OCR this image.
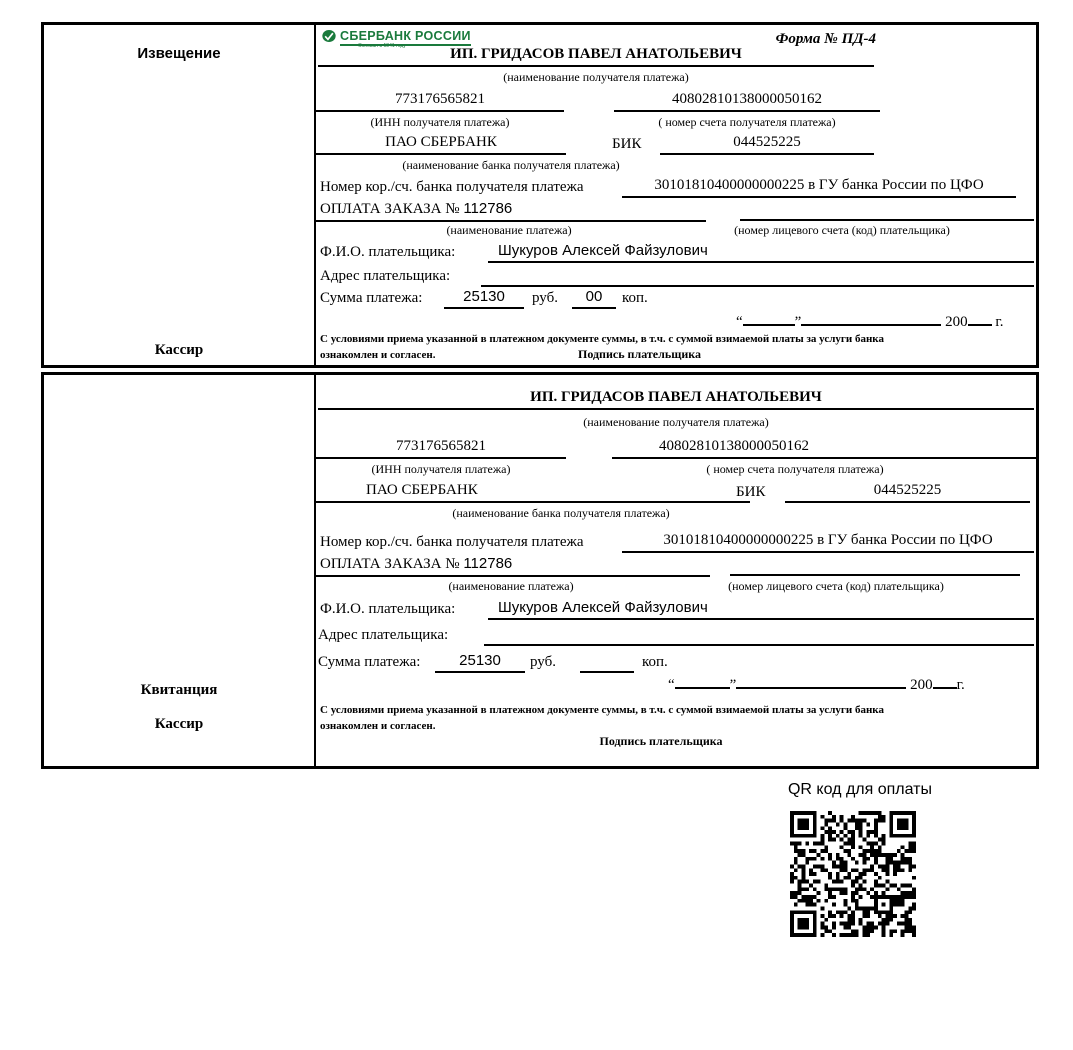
Извещение
Кассир
СБЕРБАНК РОССИИ
Основан в 1841 году	Форма № ПД-4
ИП. ГРИДАСОВ ПАВЕЛ АНАТОЛЬЕВИЧ
(наименование получателя платежа)
773176565821	40802810138000050162
(ИНН получателя платежа)	( номер счета получателя платежа)
ПАО СБЕРБАНК	БИК	044525225
(наименование банка получателя платежа)
Номер кор./сч. банка получателя платежа	30101810400000000225 в ГУ банка России по ЦФО
ОПЛАТА ЗАКАЗА № 112786
(наименование платежа)	(номер лицевого счета (код) плательщика)
Ф.И.О. плательщика:	Шукуров Алексей Файзулович
Адрес плательщика:
Сумма платежа:	25130	руб.	00	коп.
“	”	200 г.
С условиями приема указанной в платежном документе суммы, в т.ч. с суммой взимаемой платы за услуги банка
ознакомлен и согласен.	Подпись плательщика
Квитанция
Кассир
ИП. ГРИДАСОВ ПАВЕЛ АНАТОЛЬЕВИЧ
(наименование получателя платежа)
773176565821	40802810138000050162
(ИНН получателя платежа)	( номер счета получателя платежа)
ПАО СБЕРБАНК	БИК	044525225
(наименование банка получателя платежа)
Номер кор./сч. банка получателя платежа	30101810400000000225 в ГУ банка России по ЦФО
ОПЛАТА ЗАКАЗА № 112786
(наименование платежа)	(номер лицевого счета (код) плательщика)
Ф.И.О. плательщика:	Шукуров Алексей Файзулович
Адрес плательщика:
Сумма платежа:	25130	руб.	коп.
“	”	200 г.
С условиями приема указанной в платежном документе суммы, в т.ч. с суммой взимаемой платы за услуги банка
ознакомлен и согласен.
Подпись плательщика
QR код для оплаты
